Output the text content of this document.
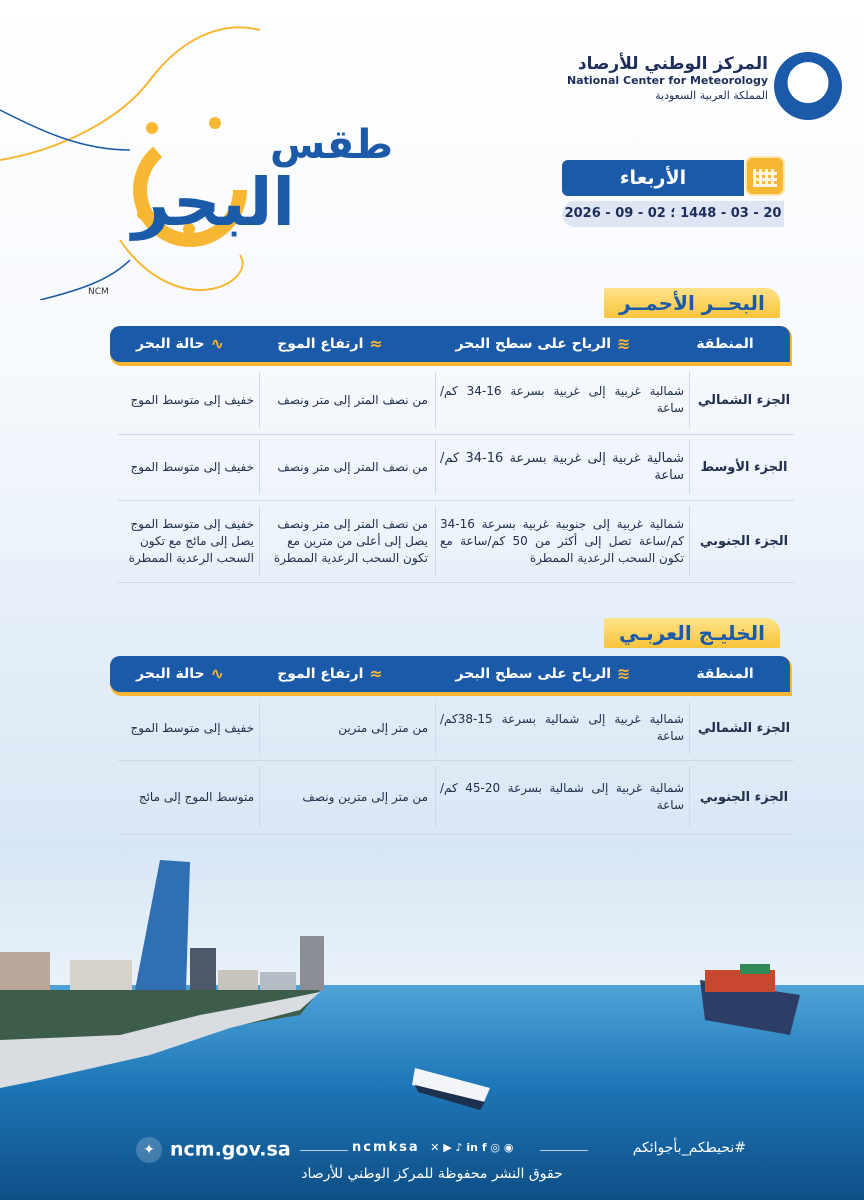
المركز الوطني للأرصاد
National Center for Meteorology
المملكة العربية السعودية
طقس
البحر
NCM
الأربعاء
20 - 03 - 1448 ؛ 02 - 09 - 2026
البحــر الأحمــر
المنطقة
≋الرياح على سطح البحر
≈ارتفاع الموج
∿حالة البحر
الجزء الشمالي
شمالية غربية إلى غربية بسرعة 16-34 كم/ ساعة
من نصف المتر إلى متر ونصف
خفيف إلى متوسط الموج
الجزء الأوسط
شمالية غربية إلى غربية بسرعة 16-34 كم/ساعة
من نصف المتر إلى متر ونصف
خفيف إلى متوسط الموج
الجزء الجنوبي
شمالية غربية إلى جنوبية غربية بسرعة 16-34 كم/ساعة تصل إلى أكثر من 50 كم/ساعة مع تكون السحب الرعدية الممطرة
من نصف المتر إلى متر ونصف يصل إلى أعلى من مترين مع تكون السحب الرعدية الممطرة
خفيف إلى متوسط الموج يصل إلى مائج مع تكون السحب الرعدية الممطرة
الخليـج العربـي
المنطقة
≋الرياح على سطح البحر
≈ارتفاع الموج
∿حالة البحر
الجزء الشمالي
شمالية غربية إلى شمالية بسرعة 15-38كم/ ساعة
من متر إلى مترين
خفيف إلى متوسط الموج
الجزء الجنوبي
شمالية غربية إلى شمالية بسرعة 20-45 كم/ ساعة
من متر إلى مترين ونصف
متوسط الموج إلى مائج
✦ ncm.gov.sa	ncmksa ✕ ▶ ♪ in f ◎ ◉	#نحيطكم_بأجوائكم
حقوق النشر محفوظة للمركز الوطني للأرصاد
